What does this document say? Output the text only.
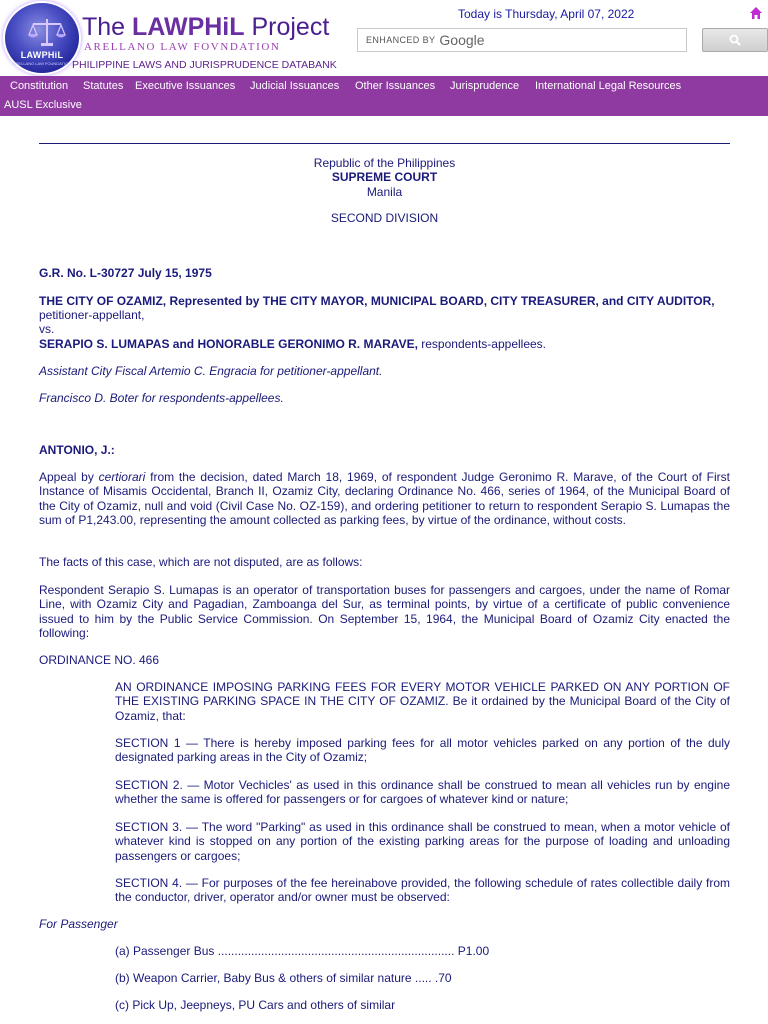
LAWPHiL
ARELLANO LAW FOUNDATION
The LAWPHiL Project
ARELLANO LAW FOVNDATION
PHILIPPINE LAWS AND JURISPRUDENCE DATABANK
Today is Thursday, April 07, 2022
ENHANCED BY Google
Constitution Statutes Executive Issuances Judicial Issuances Other Issuances Jurisprudence International Legal Resources
AUSL Exclusive
Republic of the Philippines
SUPREME COURT
Manila
SECOND DIVISION
G.R. No. L-30727 July 15, 1975
THE CITY OF OZAMIZ, Represented by THE CITY MAYOR, MUNICIPAL BOARD, CITY TREASURER, and CITY AUDITOR, petitioner-appellant,
vs.
SERAPIO S. LUMAPAS and HONORABLE GERONIMO R. MARAVE, respondents-appellees.
Assistant City Fiscal Artemio C. Engracia for petitioner-appellant.
Francisco D. Boter for respondents-appellees.
ANTONIO, J.:
Appeal by certiorari from the decision, dated March 18, 1969, of respondent Judge Geronimo R. Marave, of the Court of First Instance of Misamis Occidental, Branch II, Ozamiz City, declaring Ordinance No. 466, series of 1964, of the Municipal Board of the City of Ozamiz, null and void (Civil Case No. OZ-159), and ordering petitioner to return to respondent Serapio S. Lumapas the sum of P1,243.00, representing the amount collected as parking fees, by virtue of the ordinance, without costs.
The facts of this case, which are not disputed, are as follows:
Respondent Serapio S. Lumapas is an operator of transportation buses for passengers and cargoes, under the name of Romar Line, with Ozamiz City and Pagadian, Zamboanga del Sur, as terminal points, by virtue of a certificate of public convenience issued to him by the Public Service Commission. On September 15, 1964, the Municipal Board of Ozamiz City enacted the following:
ORDINANCE NO. 466
AN ORDINANCE IMPOSING PARKING FEES FOR EVERY MOTOR VEHICLE PARKED ON ANY PORTION OF THE EXISTING PARKING SPACE IN THE CITY OF OZAMIZ. Be it ordained by the Municipal Board of the City of Ozamiz, that:
SECTION 1 — There is hereby imposed parking fees for all motor vehicles parked on any portion of the duly designated parking areas in the City of Ozamiz;
SECTION 2. — Motor Vechicles' as used in this ordinance shall be construed to mean all vehicles run by engine whether the same is offered for passengers or for cargoes of whatever kind or nature;
SECTION 3. — The word "Parking" as used in this ordinance shall be construed to mean, when a motor vehicle of whatever kind is stopped on any portion of the existing parking areas for the purpose of loading and unloading passengers or cargoes;
SECTION 4. — For purposes of the fee hereinabove provided, the following schedule of rates collectible daily from the conductor, driver, operator and/or owner must be observed:
For Passenger
(a) Passenger Bus ....................................................................... P1.00
(b) Weapon Carrier, Baby Bus & others of similar nature ..... .70
(c) Pick Up, Jeepneys, PU Cars and others of similar
